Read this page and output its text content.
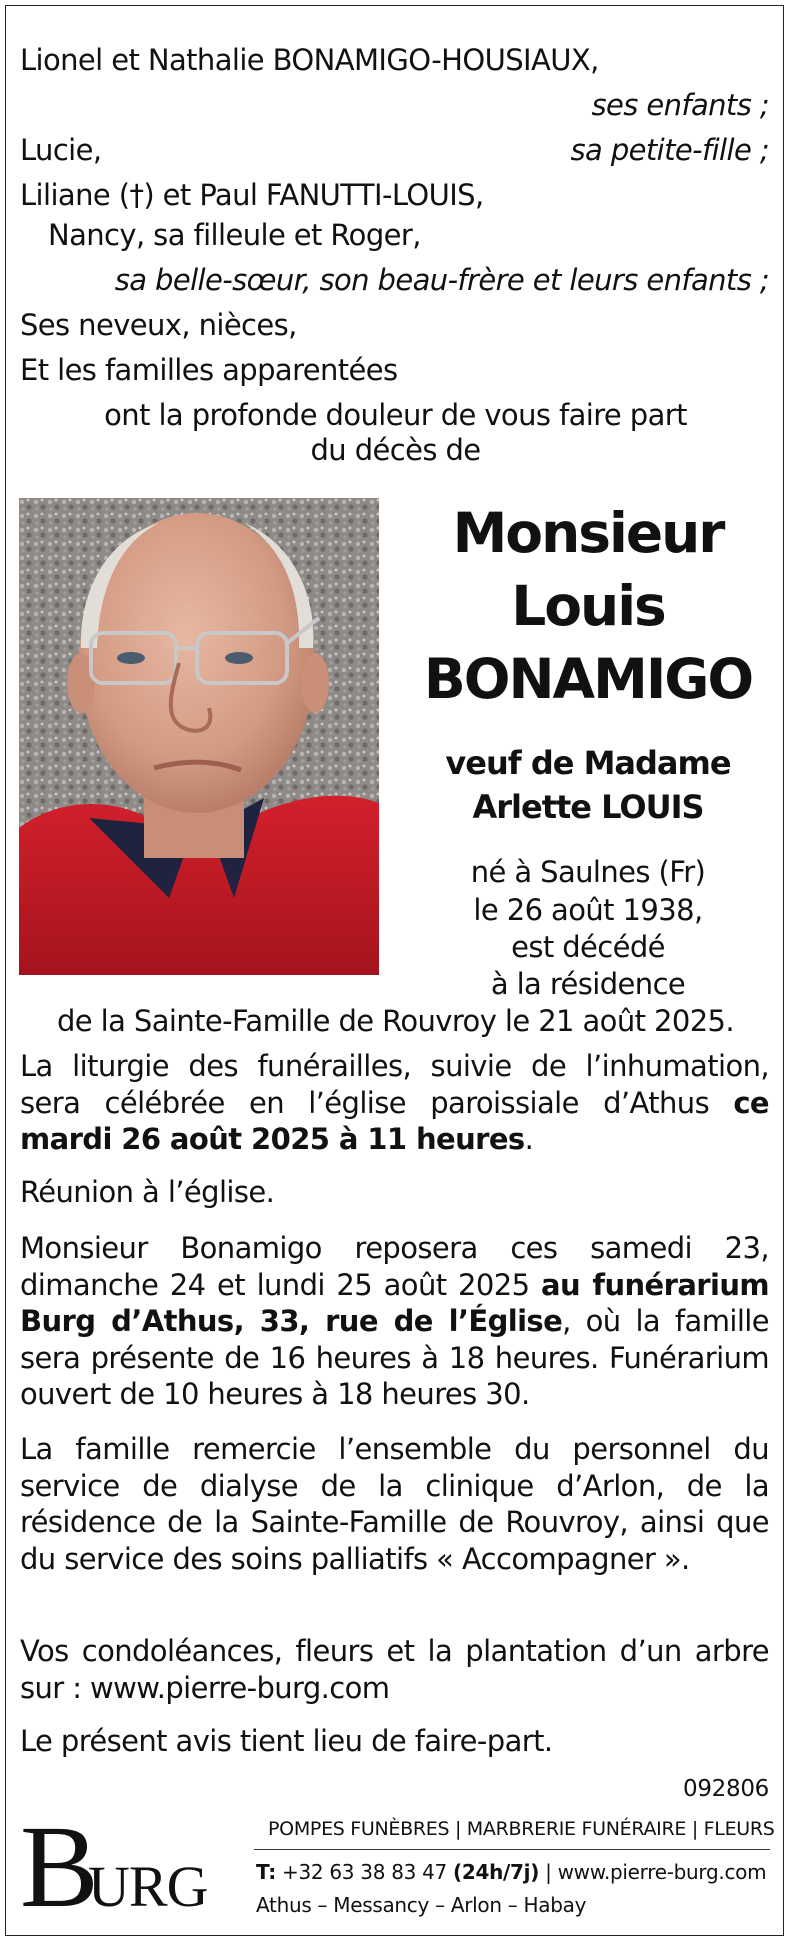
Lionel et Nathalie BONAMIGO-HOUSIAUX,
ses enfants ;
Lucie,	sa petite-fille ;
Liliane (†) et Paul FANUTTI-LOUIS,
Nancy, sa filleule et Roger,
sa belle-sœur, son beau-frère et leurs enfants ;
Ses neveux, nièces,
Et les familles apparentées
ont la profonde douleur de vous faire part
du décès de
Monsieur
Louis
BONAMIGO
veuf de Madame
Arlette LOUIS
né à Saulnes (Fr)
le 26 août 1938,
est décédé
à la résidence
de la Sainte-Famille de Rouvroy le 21 août 2025.

La liturgie des funérailles, suivie de l’inhumation, sera célébrée en l’église paroissiale d’Athus ce mardi 26 août 2025 à 11 heures.

Réunion à l’église.

Monsieur Bonamigo reposera ces samedi 23, dimanche 24 et lundi 25 août 2025 au funérarium Burg d’Athus, 33, rue de l’Église, où la famille sera présente de 16 heures à 18 heures. Funérarium ouvert de 10 heures à 18 heures 30.

La famille remercie l’ensemble du personnel du service de dialyse de la clinique d’Arlon, de la résidence de la Sainte-Famille de Rouvroy, ainsi que du service des soins palliatifs « Accompagner ».

Vos condoléances, fleurs et la plantation d’un arbre sur : www.pierre-burg.com

Le présent avis tient lieu de faire-part.

092806
B
URG
POMPES FUNÈBRES | MARBRERIE FUNÉRAIRE | FLEURS
T: +32 63 38 83 47 (24h/7j) | www.pierre-burg.com
Athus – Messancy – Arlon – Habay
